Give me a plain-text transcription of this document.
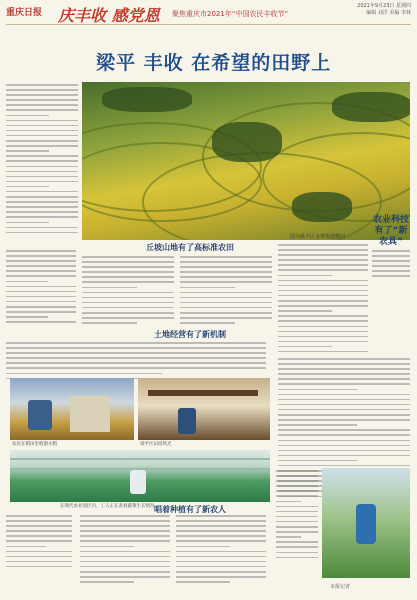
重庆日报 庆丰收 感党恩 聚焦重庆市2021年“中国农民丰收节”
2021年9月23日 星期四
编辑 刘洋 美编 李林
梁平 丰收 在希望的田野上
图为梁平区金带街道稻田
丘坡山地有了高标准农田
土地经营有了新机制
唱着种植有了新农人
农业科技有了“新农具”
农民在稻田里收割水稻	梁平区田园风光
在现代农业园区内，工人正在查看蔬菜生长情况
本报记者
